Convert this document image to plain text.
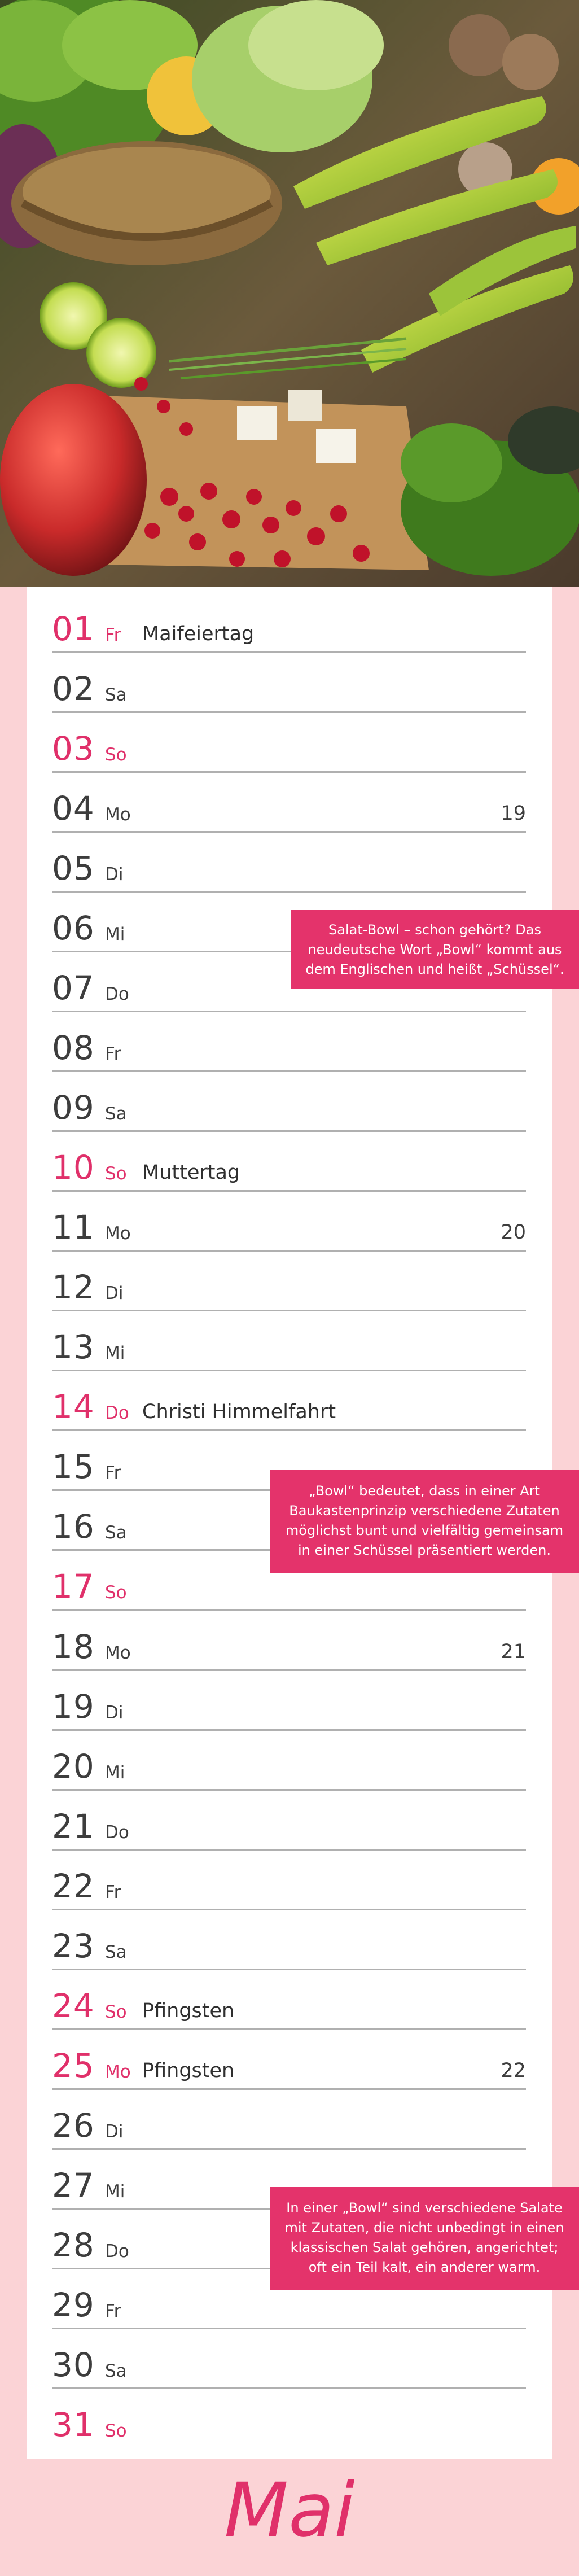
01 Fr Maifeiertag
02 Sa
03 So
04 Mo	19
05 Di
06 Mi
07 Do
08 Fr
09 Sa
10 So Muttertag
11 Mo	20
12 Di
13 Mi
14 Do Christi Himmelfahrt
15 Fr
16 Sa
17 So
18 Mo	21
19 Di
20 Mi
21 Do
22 Fr
23 Sa
24 So Pfingsten
25 Mo Pfingsten	22
26 Di
27 Mi
28 Do
29 Fr
30 Sa
31 So
Salat-Bowl – schon gehört? Das
neudeutsche Wort „Bowl“ kommt aus
dem Englischen und heißt „Schüssel“.
„Bowl“ bedeutet, dass in einer Art
Baukastenprinzip verschiedene Zutaten
möglichst bunt und vielfältig gemeinsam
in einer Schüssel präsentiert werden.
In einer „Bowl“ sind verschiedene Salate
mit Zutaten, die nicht unbedingt in einen
klassischen Salat gehören, angerichtet;
oft ein Teil kalt, ein anderer warm.
Mai
